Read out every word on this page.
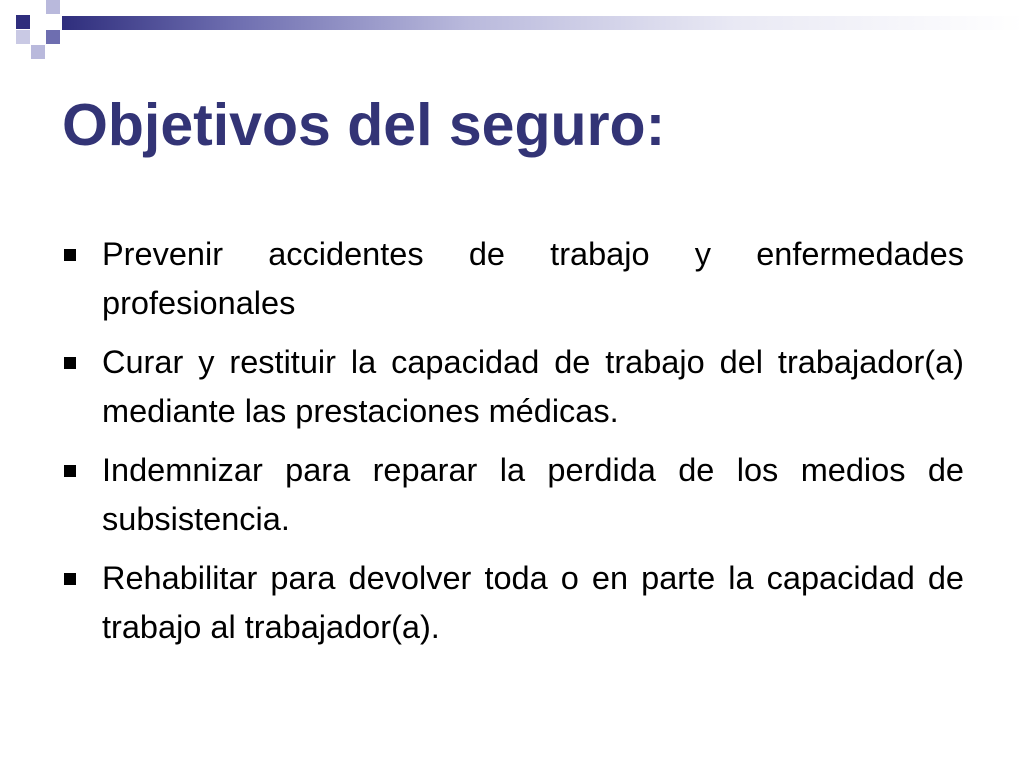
Objetivos del seguro:
Prevenir accidentes de trabajo y enfermedades profesionales
Curar y restituir la capacidad de trabajo del trabajador(a) mediante las prestaciones médicas.
Indemnizar para reparar la perdida de los medios de subsistencia.
Rehabilitar para devolver toda o en parte la capacidad de trabajo al trabajador(a).
